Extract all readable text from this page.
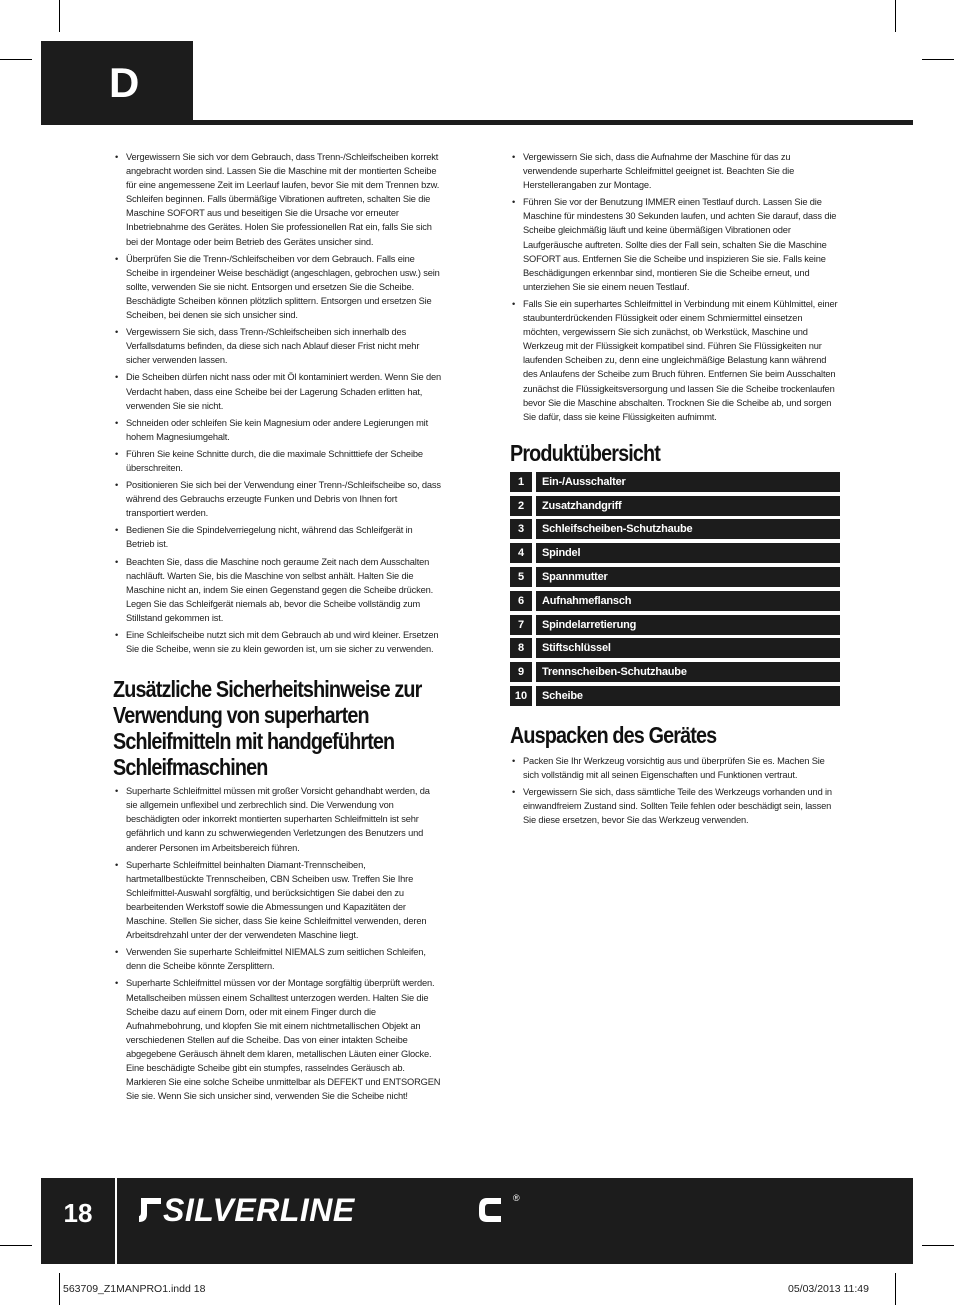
D
• Vergewissern Sie sich vor dem Gebrauch, dass Trenn-/Schleifscheiben korrekt angebracht worden sind. Lassen Sie die Maschine mit der montierten Scheibe für eine angemessene Zeit im Leerlauf laufen, bevor Sie mit dem Trennen bzw. Schleifen beginnen. Falls übermäßige Vibrationen auftreten, schalten Sie die Maschine SOFORT aus und beseitigen Sie die Ursache vor erneuter Inbetriebnahme des Gerätes. Holen Sie professionellen Rat ein, falls Sie sich bei der Montage oder beim Betrieb des Gerätes unsicher sind.
• Überprüfen Sie die Trenn-/Schleifscheiben vor dem Gebrauch. Falls eine Scheibe in irgendeiner Weise beschädigt (angeschlagen, gebrochen usw.) sein sollte, verwenden Sie sie nicht. Entsorgen und ersetzen Sie die Scheibe. Beschädigte Scheiben können plötzlich splittern. Entsorgen und ersetzen Sie Scheiben, bei denen sie sich unsicher sind.
• Vergewissern Sie sich, dass Trenn-/Schleifscheiben sich innerhalb des Verfallsdatums befinden, da diese sich nach Ablauf dieser Frist nicht mehr sicher verwenden lassen.
• Die Scheiben dürfen nicht nass oder mit Öl kontaminiert werden. Wenn Sie den Verdacht haben, dass eine Scheibe bei der Lagerung Schaden erlitten hat, verwenden Sie sie nicht.
• Schneiden oder schleifen Sie kein Magnesium oder andere Legierungen mit hohem Magnesiumgehalt.
• Führen Sie keine Schnitte durch, die die maximale Schnitttiefe der Scheibe überschreiten.
• Positionieren Sie sich bei der Verwendung einer Trenn-/Schleifscheibe so, dass während des Gebrauchs erzeugte Funken und Debris von Ihnen fort transportiert werden.
• Bedienen Sie die Spindelverriegelung nicht, während das Schleifgerät in Betrieb ist.
• Beachten Sie, dass die Maschine noch geraume Zeit nach dem Ausschalten nachläuft. Warten Sie, bis die Maschine von selbst anhält. Halten Sie die Maschine nicht an, indem Sie einen Gegenstand gegen die Scheibe drücken. Legen Sie das Schleifgerät niemals ab, bevor die Scheibe vollständig zum Stillstand gekommen ist.
• Eine Schleifscheibe nutzt sich mit dem Gebrauch ab und wird kleiner. Ersetzen Sie die Scheibe, wenn sie zu klein geworden ist, um sie sicher zu verwenden.
Zusätzliche Sicherheitshinweise zur Verwendung von superharten Schleifmitteln mit handgeführten Schleifmaschinen
• Superharte Schleifmittel müssen mit großer Vorsicht gehandhabt werden, da sie allgemein unflexibel und zerbrechlich sind. Die Verwendung von beschädigten oder inkorrekt montierten superharten Schleifmitteln ist sehr gefährlich und kann zu schwerwiegenden Verletzungen des Benutzers und anderer Personen im Arbeitsbereich führen.
• Superharte Schleifmittel beinhalten Diamant-Trennscheiben, hartmetallbestückte Trennscheiben, CBN Scheiben usw. Treffen Sie Ihre Schleifmittel-Auswahl sorgfältig, und berücksichtigen Sie dabei den zu bearbeitenden Werkstoff sowie die Abmessungen und Kapazitäten der Maschine. Stellen Sie sicher, dass Sie keine Schleifmittel verwenden, deren Arbeitsdrehzahl unter der der verwendeten Maschine liegt.
• Verwenden Sie superharte Schleifmittel NIEMALS zum seitlichen Schleifen, denn die Scheibe könnte Zersplittern.
• Superharte Schleifmittel müssen vor der Montage sorgfältig überprüft werden. Metallscheiben müssen einem Schalltest unterzogen werden. Halten Sie die Scheibe dazu auf einem Dorn, oder mit einem Finger durch die Aufnahmebohrung, und klopfen Sie mit einem nichtmetallischen Objekt an verschiedenen Stellen auf die Scheibe. Das von einer intakten Scheibe abgegebene Geräusch ähnelt dem klaren, metallischen Läuten einer Glocke. Eine beschädigte Scheibe gibt ein stumpfes, rasselndes Geräusch ab. Markieren Sie eine solche Scheibe unmittelbar als DEFEKT und ENTSORGEN Sie sie. Wenn Sie sich unsicher sind, verwenden Sie die Scheibe nicht!
• Vergewissern Sie sich, dass die Aufnahme der Maschine für das zu verwendende superharte Schleifmittel geeignet ist. Beachten Sie die Herstellerangaben zur Montage.
• Führen Sie vor der Benutzung IMMER einen Testlauf durch. Lassen Sie die Maschine für mindestens 30 Sekunden laufen, und achten Sie darauf, dass die Scheibe gleichmäßig läuft und keine übermäßigen Vibrationen oder Laufgeräusche auftreten. Sollte dies der Fall sein, schalten Sie die Maschine SOFORT aus. Entfernen Sie die Scheibe und inspizieren Sie sie. Falls keine Beschädigungen erkennbar sind, montieren Sie die Scheibe erneut, und unterziehen Sie sie einem neuen Testlauf.
• Falls Sie ein superhartes Schleifmittel in Verbindung mit einem Kühlmittel, einer staubunterdrückenden Flüssigkeit oder einem Schmiermittel einsetzen möchten, vergewissern Sie sich zunächst, ob Werkstück, Maschine und Werkzeug mit der Flüssigkeit kompatibel sind. Führen Sie Flüssigkeiten nur laufenden Scheiben zu, denn eine ungleichmäßige Belastung kann während des Anlaufens der Scheibe zum Bruch führen. Entfernen Sie beim Ausschalten zunächst die Flüssigkeitsversorgung und lassen Sie die Scheibe trockenlaufen bevor Sie die Maschine abschalten. Trocknen Sie die Scheibe ab, und sorgen Sie dafür, dass sie keine Flüssigkeiten aufnimmt.
Produktübersicht
1	Ein-/Ausschalter
2	Zusatzhandgriff
3	Schleifscheiben-Schutzhaube
4	Spindel
5	Spannmutter
6	Aufnahmeflansch
7	Spindelarretierung
8	Stiftschlüssel
9	Trennscheiben-Schutzhaube
10	Scheibe
Auspacken des Gerätes
• Packen Sie Ihr Werkzeug vorsichtig aus und überprüfen Sie es. Machen Sie sich vollständig mit all seinen Eigenschaften und Funktionen vertraut.
• Vergewissern Sie sich, dass sämtliche Teile des Werkzeugs vorhanden und in einwandfreiem Zustand sind. Sollten Teile fehlen oder beschädigt sein, lassen Sie diese ersetzen, bevor Sie das Werkzeug verwenden.
18	SILVERLINE	®
563709_Z1MANPRO1.indd 18	05/03/2013 11:49
